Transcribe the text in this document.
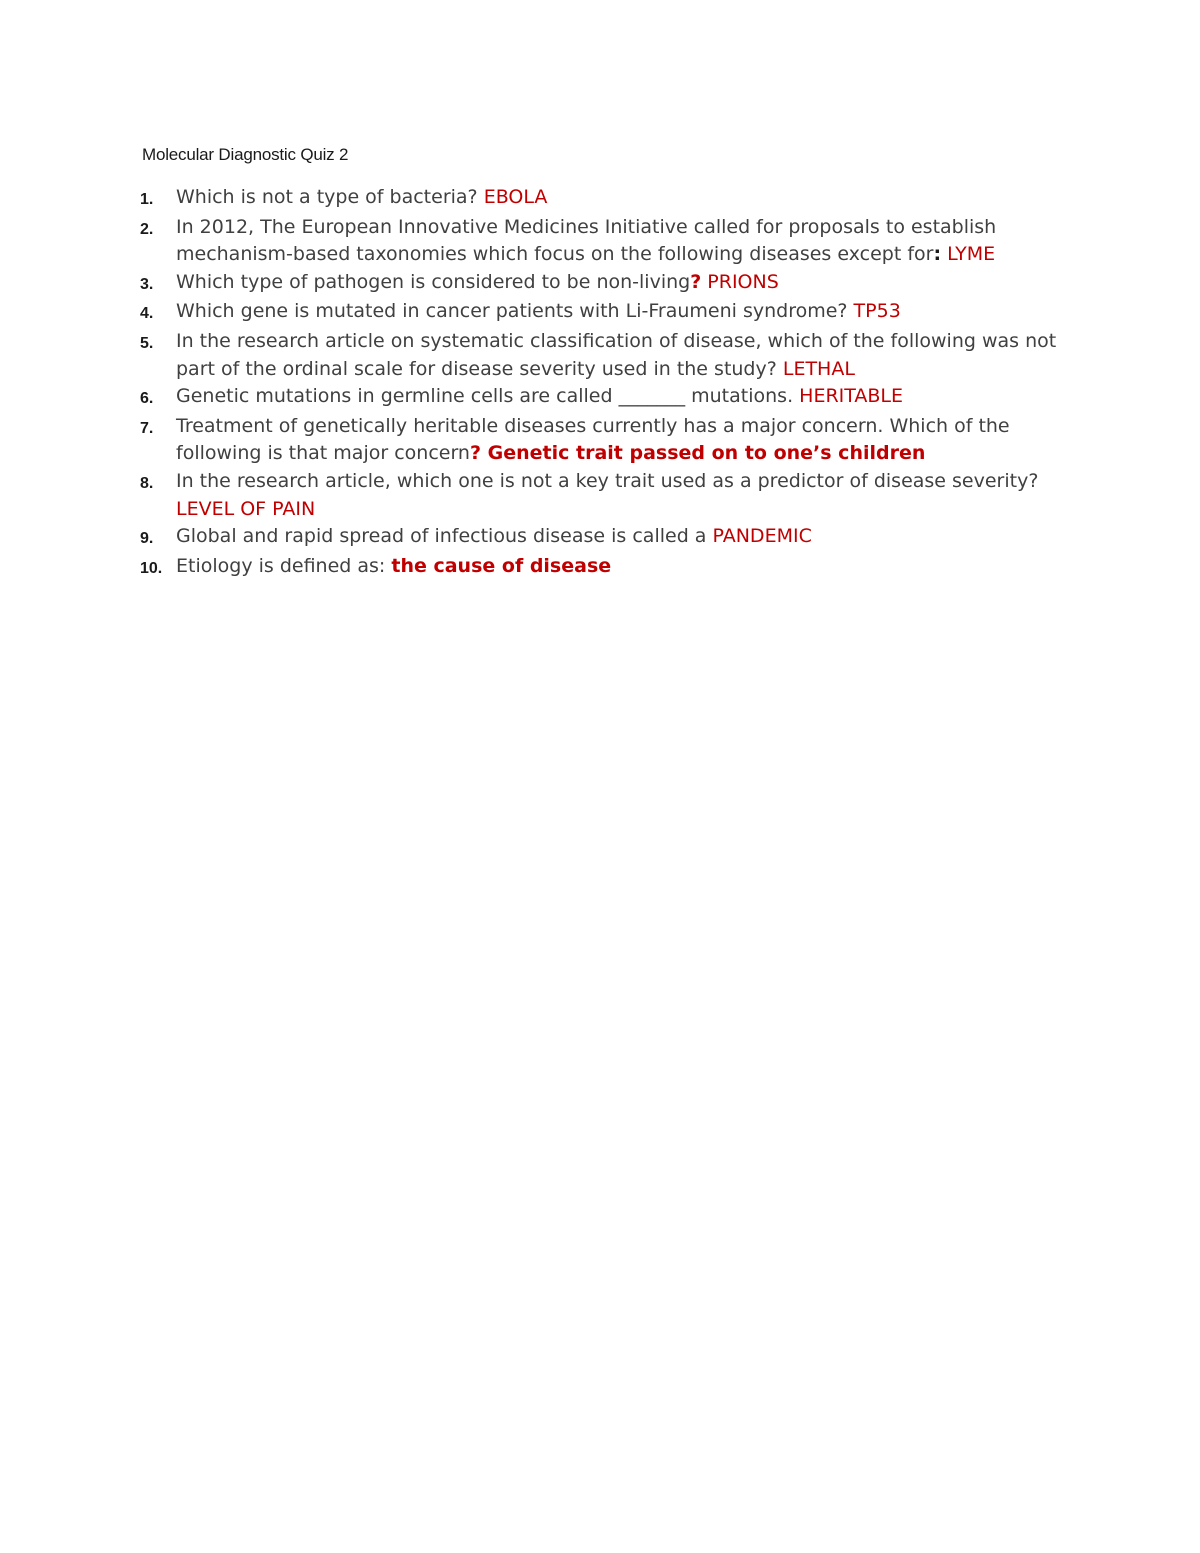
Molecular Diagnostic Quiz 2
1.	Which is not a type of bacteria? EBOLA
2.	In 2012, The European Innovative Medicines Initiative called for proposals to establish mechanism-based taxonomies which focus on the following diseases except for: LYME
3.	Which type of pathogen is considered to be non-living? PRIONS
4.	Which gene is mutated in cancer patients with Li-Fraumeni syndrome? TP53
5.	In the research article on systematic classification of disease, which of the following was not part of the ordinal scale for disease severity used in the study? LETHAL
6.	Genetic mutations in germline cells are called _______ mutations. HERITABLE
7.	Treatment of genetically heritable diseases currently has a major concern. Which of the following is that major concern? Genetic trait passed on to one’s children
8.	In the research article, which one is not a key trait used as a predictor of disease severity? LEVEL OF PAIN
9.	Global and rapid spread of infectious disease is called a PANDEMIC
10. Etiology is defined as: the cause of disease
